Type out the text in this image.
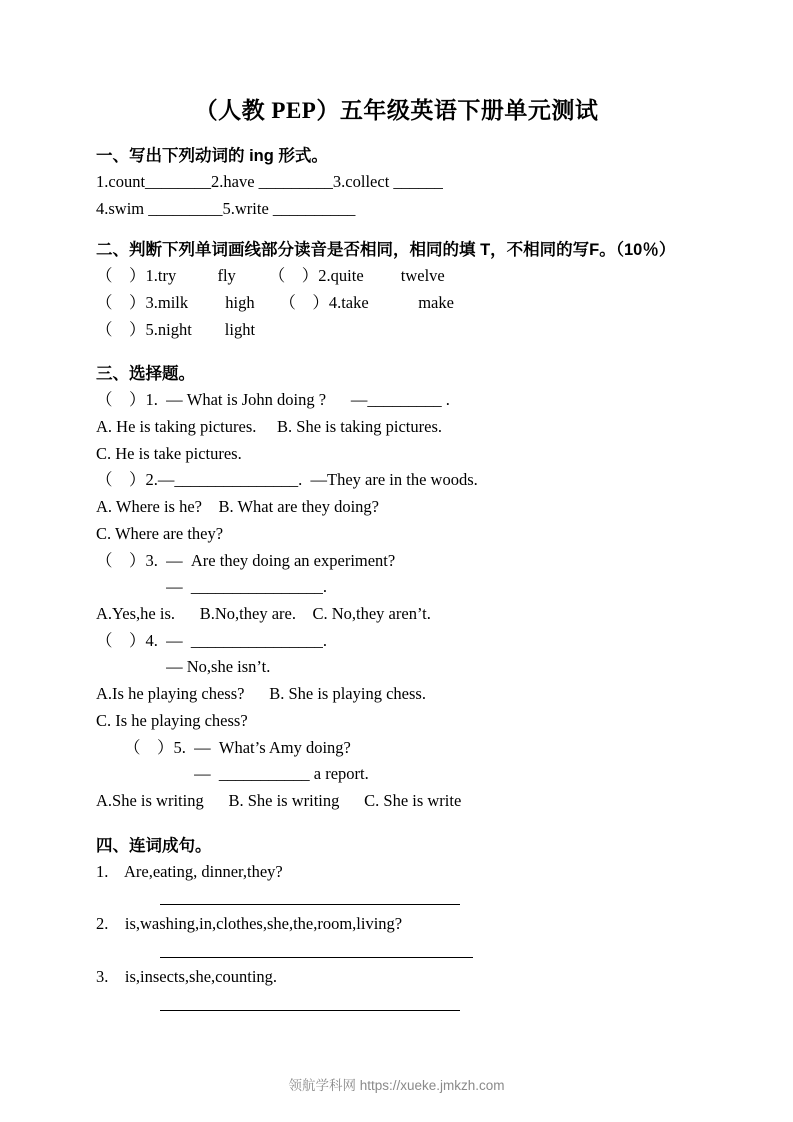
（人教 PEP）五年级英语下册单元测试

一、写出下列动词的 ing 形式。

1.count________2.have _________3.collect ______

4.swim _________5.write __________

二、判断下列单词画线部分读音是否相同，相同的填 T，不相同的写F。（10％）

（    ）1.try          fly        （    ）2.quite         twelve

（    ）3.milk         high      （    ）4.take            make

（    ）5.night        light

三、选择题。

（    ）1.  — What is John doing ?      —_________ .

A. He is taking pictures.     B. She is taking pictures.

C. He is take pictures.

（    ）2.—_______________.  —They are in the woods.

A. Where is he?    B. What are they doing?

C. Where are they?

（    ）3.  —  Are they doing an experiment?

—  ________________.

A.Yes,he is.      B.No,they are.    C. No,they aren’t.

（    ）4.  —  ________________.

— No,she isn’t.

A.Is he playing chess?      B. She is playing chess.

C. Is he playing chess?

（    ）5.  —  What’s Amy doing?

—  ___________ a report.

A.She is writing      B. She is writing      C. She is write

四、连词成句。

1.    Are,eating, dinner,they?

2.    is,washing,in,clothes,she,the,room,living?

3.    is,insects,she,counting.

领航学科网 https://xueke.jmkzh.com
